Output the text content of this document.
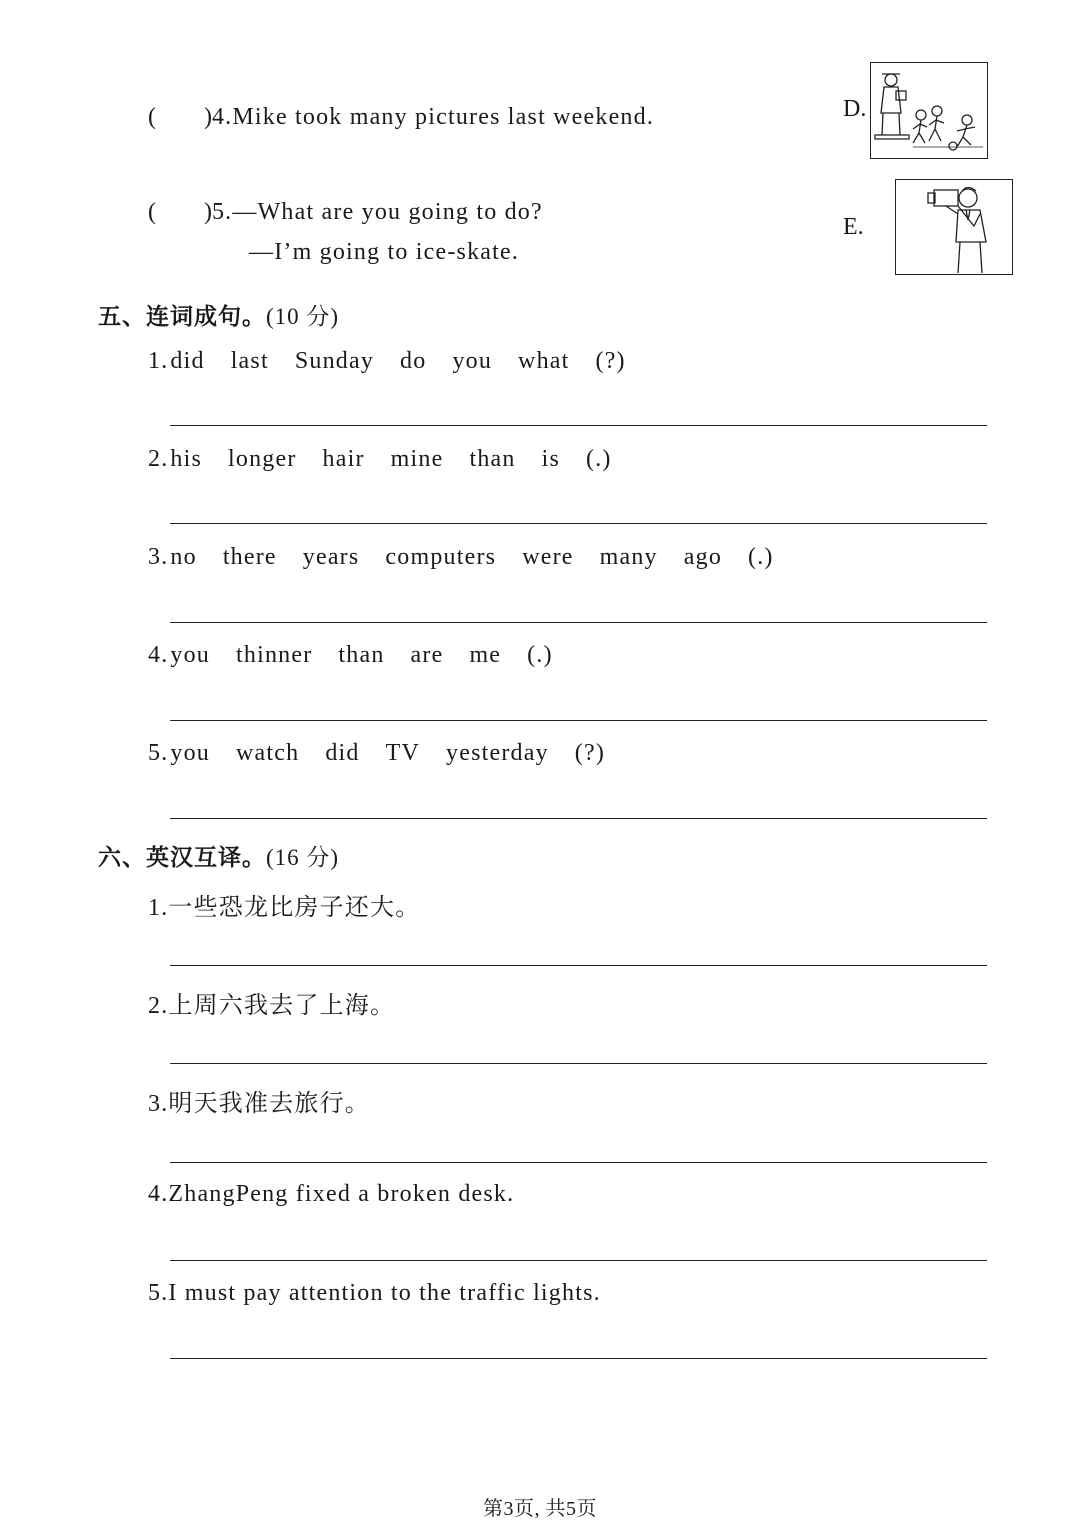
(　　)4.Mike took many pictures last weekend.	D.
(　　)5.—What are you going to do?
—I’m going to ice-skate.
E.
五、连词成句。(10 分)
1. did last Sunday do you what (?)
2. his longer hair mine than is (.)
3. no there years computers were many ago (.)
4. you thinner than are me (.)
5. you watch did TV yesterday (?)
六、英汉互译。(16 分)
1.一些恐龙比房子还大。
2.上周六我去了上海。
3.明天我准去旅行。
4.ZhangPeng fixed a broken desk.
5.I must pay attention to the traffic lights.
第3页, 共5页
